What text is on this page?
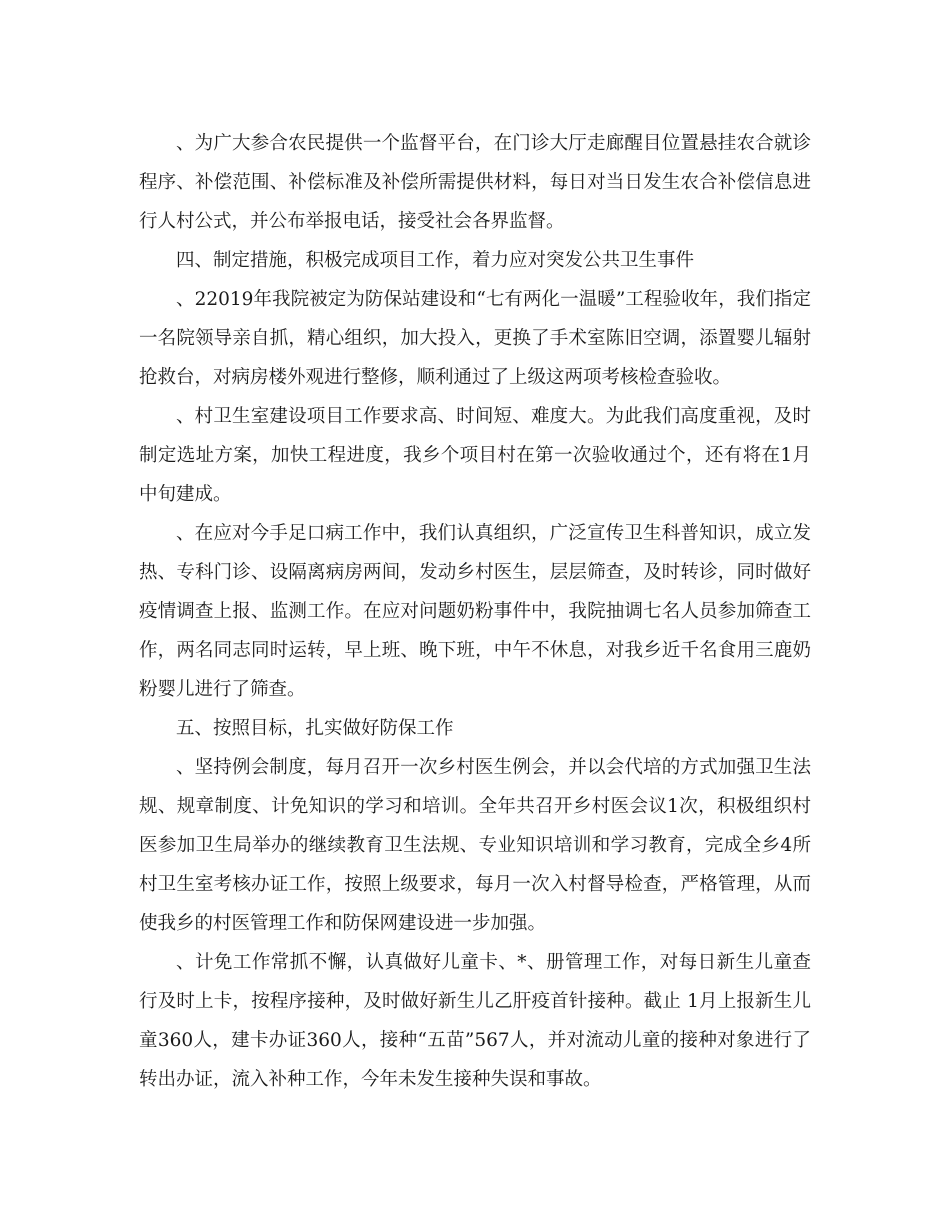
、为广大参合农民提供一个监督平台，在门诊大厅走廊醒目位置悬挂农合就诊程序、补偿范围、补偿标准及补偿所需提供材料，每日对当日发生农合补偿信息进行人村公式，并公布举报电话，接受社会各界监督。

四、制定措施，积极完成项目工作，着力应对突发公共卫生事件

、22019年我院被定为防保站建设和“七有两化一温暖”工程验收年，我们指定一名院领导亲自抓，精心组织，加大投入，更换了手术室陈旧空调，添置婴儿辐射抢救台，对病房楼外观进行整修，顺利通过了上级这两项考核检查验收。

、村卫生室建设项目工作要求高、时间短、难度大。为此我们高度重视，及时制定选址方案，加快工程进度，我乡个项目村在第一次验收通过个，还有将在1月中旬建成。

、在应对今手足口病工作中，我们认真组织，广泛宣传卫生科普知识，成立发热、专科门诊、设隔离病房两间，发动乡村医生，层层筛查，及时转诊，同时做好疫情调查上报、监测工作。在应对问题奶粉事件中，我院抽调七名人员参加筛查工作，两名同志同时运转，早上班、晚下班，中午不休息，对我乡近千名食用三鹿奶粉婴儿进行了筛查。

五、按照目标，扎实做好防保工作

、坚持例会制度，每月召开一次乡村医生例会，并以会代培的方式加强卫生法规、规章制度、计免知识的学习和培训。全年共召开乡村医会议1次，积极组织村医参加卫生局举办的继续教育卫生法规、专业知识培训和学习教育，完成全乡4所村卫生室考核办证工作，按照上级要求，每月一次入村督导检查，严格管理，从而使我乡的村医管理工作和防保网建设进一步加强。

、计免工作常抓不懈，认真做好儿童卡、*、册管理工作，对每日新生儿童查行及时上卡，按程序接种，及时做好新生儿乙肝疫首针接种。截止 1月上报新生儿童360人，建卡办证360人，接种“五苗”567人，并对流动儿童的接种对象进行了转出办证，流入补种工作，今年未发生接种失误和事故。
